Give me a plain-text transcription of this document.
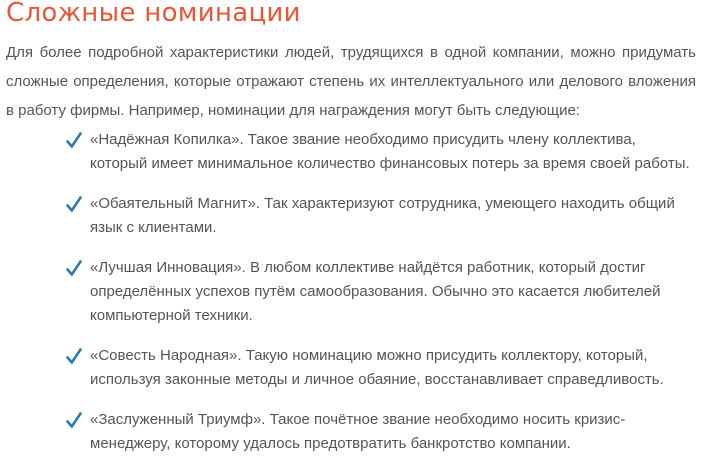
Сложные номинации

Для более подробной характеристики людей, трудящихся в одной компании, можно придумать сложные определения, которые отражают степень их интеллектуального или делового вложения в работу фирмы. Например, номинации для награждения могут быть следующие:

«Надёжная Копилка». Такое звание необходимо присудить члену коллектива, который имеет минимальное количество финансовых потерь за время своей работы.
«Обаятельный Магнит». Так характеризуют сотрудника, умеющего находить общий язык с клиентами.
«Лучшая Инновация». В любом коллективе найдётся работник, который достиг определённых успехов путём самообразования. Обычно это касается любителей компьютерной техники.
«Совесть Народная». Такую номинацию можно присудить коллектору, который, используя законные методы и личное обаяние, восстанавливает справедливость.
«Заслуженный Триумф». Такое почётное звание необходимо носить кризис-менеджеру, которому удалось предотвратить банкротство компании.
